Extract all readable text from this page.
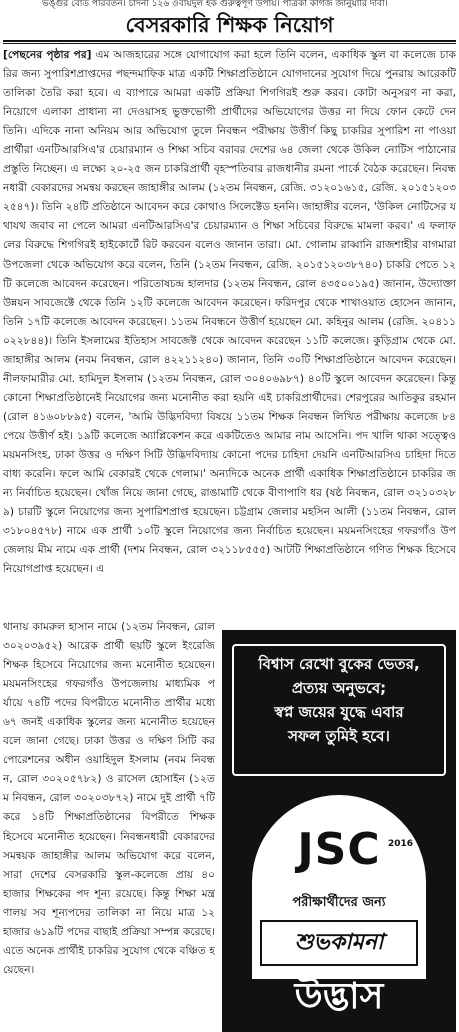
ভঙ্গুর বোর্ড পরিবর্তন। চাঁদনী ১২৬ ওবায়দুল হক গুরুত্বপূর্ণ উপায়। পত্রিকা কাগজ জানুয়ারি দাবী।
বেসরকারি শিক্ষক নিয়োগ
[পেছনের পৃষ্ঠার পর] এম আজহারের সঙ্গে যোগাযোগ করা হলে তিনি বলেন, একাধিক স্কুল বা কলেজে চাকরির জন্য সুপারিশপ্রাপ্তদের পছন্দমাফিক মাত্র একটি শিক্ষাপ্রতিষ্ঠানে যোগদানের সুযোগ দিয়ে পুনরায় আরেকটি তালিকা তৈরি করা হবে। এ ব্যাপারে আমরা একটি প্রক্রিয়া শিগগিরই শুরু করব। কোটা অনুসরণ না করা, নিয়োগে এলাকা প্রাধান্য না দেওয়াসহ ভুক্তভোগী প্রার্থীদের অভিযোগের উত্তর না দিয়ে ফোন কেটে দেন তিনি। এদিকে নানা অনিয়ম আর অভিযোগ তুলে নিবন্ধন পরীক্ষায় উত্তীর্ণ কিছু চাকরির সুপারিশ না পাওয়া প্রার্থীরা এনটিআরসিএ'র চেয়ারম্যান ও শিক্ষা সচিব বরাবর দেশের ৬৪ জেলা থেকে উকিল নোটিস পাঠানোর প্রস্তুতি নিচ্ছেন। এ লক্ষ্যে ২০-২৫ জন চাকরিপ্রার্থী বৃহস্পতিবার রাজধানীর রমনা পার্কে বৈঠক করেছেন। নিবন্ধনধারী বেকারদের সমন্বয় করছেন জাহাঙ্গীর আলম (১২তম নিবন্ধন, রেজি. ৩১২০১৬১৫, রেজি. ২০১৫১২০৩২৫৪৭)। তিনি ২৪টি প্রতিষ্ঠানে আবেদন করে কোথাও সিলেক্টেড হননি। জাহাঙ্গীর বলেন, 'উকিল নোটিসের যথাযথ জবাব না পেলে আমরা এনটিআরসিএ'র চেয়ারম্যান ও শিক্ষা সচিবের বিরুদ্ধে মামলা করব।' এ ফলাফলের বিরুদ্ধে শিগগিরই হাইকোর্টে রিট করবেন বলেও জানান তারা। মো. গোলাম রাব্বানি রাজশাহীর বাগমারা উপজেলা থেকে অভিযোগ করে বলেন, তিনি (১২তম নিবন্ধন, রেজি. ২০১৫১২০৩৮৭৪০) চাকরি পেতে ১২টি কলেজে আবেদন করেছেন। পরিতোষচন্দ্র হালদার (১২তম নিবন্ধন, রোল ৪৩৫০০১৯৫) জানান, উদ্যোক্তা উন্নয়ন সাবজেক্টে থেকে তিনি ১২টি কলেজে আবেদন করেছেন। ফরিদপুর থেকে শাখাওয়াত হোসেন জানান, তিনি ১৭টি কলেজে আবেদন করেছেন। ১১তম নিবন্ধনে উত্তীর্ণ হয়েছেন মো. কহিনুর আলম (রেজি. ২০৪১১০২২৮৪৪)। তিনি ইসলামের ইতিহাস সাবজেক্ট থেকে আবেদন করেছেন ১১টি কলেজে। কুড়িগ্রাম থেকে মো. জাহাঙ্গীর আলম (নবম নিবন্ধন, রোল ৪২২১১২৪০) জানান, তিনি ৩০টি শিক্ষাপ্রতিষ্ঠানে আবেদন করেছেন। নীলফামারীর মো. হামিদুল ইসলাম (১২তম নিবন্ধন, রোল ৩০৪০৬৯৮৭) ৪০টি স্কুলে আবেদন করেছেন। কিন্তু কোনো শিক্ষাপ্রতিষ্ঠানেই নিয়োগের জন্য মনোনীত করা হয়নি এই চাকরিপ্রার্থীদের। শেরপুরের আতিকুর রহমান (রোল ৪১৬০৮৮৯৫) বলেন, 'আমি উদ্ভিদবিদ্যা বিষয়ে ১১তম শিক্ষক নিবন্ধন লিখিত পরীক্ষায় কলেজে ৮৪ পেয়ে উত্তীর্ণ হই। ১৯টি কলেজে অ্যাপ্লিকেশন করে একটিতেও আমার নাম আসেনি। পদ খালি থাকা সত্ত্বেও ময়মনসিংহ, ঢাকা উত্তর ও দক্ষিণ সিটি উদ্ভিদবিদ্যায় কোনো পদের চাহিদা দেয়নি এনটিআরসিএ চাহিদা দিতে বাধ্য করেনি। ফলে আমি বেকারই থেকে গেলাম।' অন্যদিকে অনেক প্রার্থী একাধিক শিক্ষাপ্রতিষ্ঠানে চাকরির জন্য নির্বাচিত হয়েছেন। খোঁজ নিয়ে জানা গেছে, রাঙামাটি থেকে বীণাপাণি ধর (ষষ্ঠ নিবন্ধন, রোল ৩২১০৩২৮৯) চারটি স্কুলে নিয়োগের জন্য সুপারিশপ্রাপ্ত হয়েছেন। চট্টগ্রাম জেলার মহসিন আলী (১১তম নিবন্ধন, রোল ৩১৮০৪৫৭৮) নামে এক প্রার্থী ১০টি স্কুলে নিয়োগের জন্য নির্বাচিত হয়েছেন। ময়মনসিংহের গফরগাঁও উপজেলায় মীম নামে এক প্রার্থী (দশম নিবন্ধন, রোল ৩২১১৮৫৫৫) আটটি শিক্ষাপ্রতিষ্ঠানে গণিত শিক্ষক হিসেবে নিয়োগপ্রাপ্ত হয়েছেন। এ
থানায় কামরুল হাসান নামে (১২তম নিবন্ধন, রোল ৩০২০৩৯৫২) আরেক প্রার্থী ছয়টি স্কুলে ইংরেজি শিক্ষক হিসেবে নিয়োগের জন্য মনোনীত হয়েছেন। ময়মনসিংহের গফরগাঁও উপজেলায় মাধ্যমিক পর্যায়ে ৭৪টি পদের বিপরীতে মনোনীত প্রার্থীর মধ্যে ৬৭ জনই একাধিক স্কুলের জন্য মনোনীত হয়েছেন বলে জানা গেছে। ঢাকা উত্তর ও দক্ষিণ সিটি করপোরেশনের অধীন ওয়াহিদুল ইসলাম (নবম নিবন্ধন, রোল ৩০২০৫৭৮২) ও রাসেল হোসাইন (১২তম নিবন্ধন, রোল ৩০২০৩৮৭২) নামে দুই প্রার্থী ৭টি করে ১৪টি শিক্ষাপ্রতিষ্ঠানের বিপরীতে শিক্ষক হিসেবে মনোনীত হয়েছেন। নিবন্ধনধারী বেকারদের সমন্বয়ক জাহাঙ্গীর আলম অভিযোগ করে বলেন, সারা দেশের বেসরকারি স্কুল-কলেজে প্রায় ৪০ হাজার শিক্ষকের পদ শূন্য রয়েছে। কিন্তু শিক্ষা মন্ত্রণালয় সব শূন্যপদের তালিকা না নিয়ে মাত্র ১২ হাজার ৬১৯টি পদের বাছাই প্রক্রিয়া সম্পন্ন করেছে। এতে অনেক প্রার্থীই চাকরির সুযোগ থেকে বঞ্চিত হয়েছেন।
বিশ্বাস রেখো বুকের ভেতর,
প্রত্যয় অনুভবে;
স্বপ্ন জয়ের যুদ্ধে এবার
সফল তুমিই হবে।
JSC 2016
পরীক্ষার্থীদের জন্য
শুভকামনা
উদ্ভাস
